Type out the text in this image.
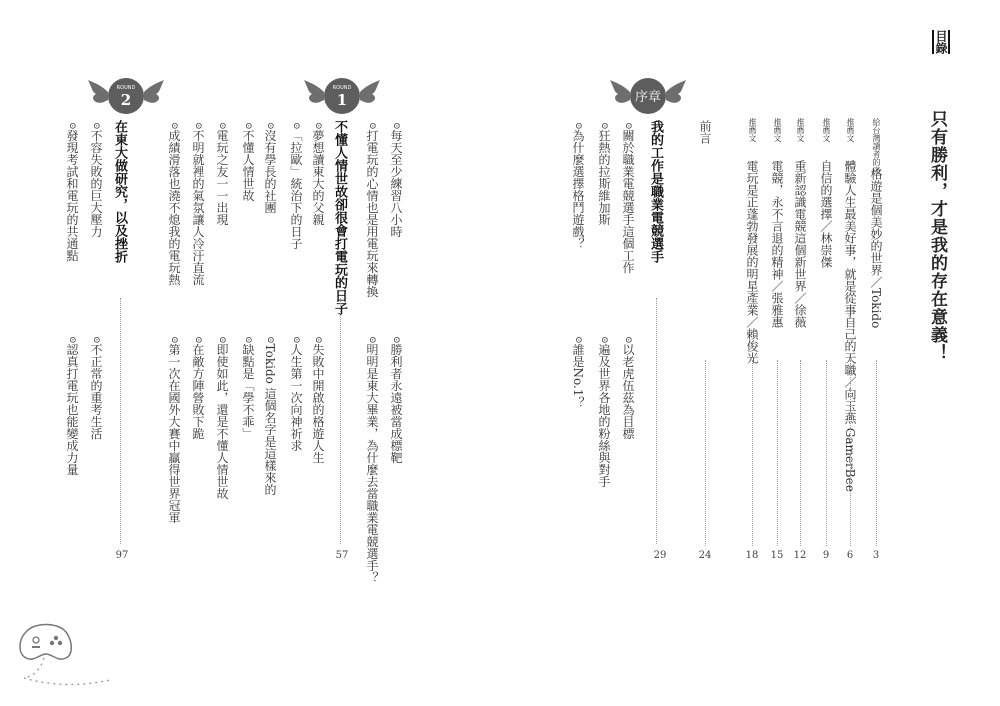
目錄
只有勝利，才是我的存在意義！
給台灣讀者的序
格遊是個美妙的世界／Tokido
3
推薦文
體驗人生最美好事，就是從事自己的天職／向玉燕 GamerBee
6
推薦文
自信的選擇／林崇傑
9
推薦文
重新認識電競這個新世界／徐薇
12
推薦文
電競，永不言退的精神／張雅惠
15
推薦文
電玩是正蓬勃發展的明星產業／賴俊光
18
前言
24
序章
我的工作是職業電競選手
29
⊙關於職業電競選手這個工作
⊙狂熱的拉斯維加斯
⊙為什麼選擇格鬥遊戲？
⊙以老虎伍茲為目標
⊙遍及世界各地的粉絲與對手
⊙誰是No.1？
ROUND
1
不懂人情世故卻很會打電玩的日子
57
⊙每天至少練習八小時
⊙打電玩的心情也是用電玩來轉換
⊙夢想讀東大的父親
⊙「拉歐」統治下的日子
⊙沒有學長的社團
⊙不懂人情世故
⊙電玩之友一一出現
⊙不明就裡的氣氛讓人冷汗直流
⊙成績滑落也澆不熄我的電玩熱
⊙勝利者永遠被當成標靶
⊙明明是東大畢業，為什麼去當職業電競選手？
⊙失敗中開啟的格遊人生
⊙人生第一次向神祈求
⊙Tokido 這個名字是這樣來的
⊙缺點是「學不乖」
⊙即使如此，還是不懂人情世故
⊙在敵方陣營敗下跪
⊙第一次在國外大賽中贏得世界冠軍
ROUND
2
在東大做研究，以及挫折
97
⊙不容失敗的巨大壓力
⊙發現考試和電玩的共通點
⊙不正常的重考生活
⊙認真打電玩也能變成力量
